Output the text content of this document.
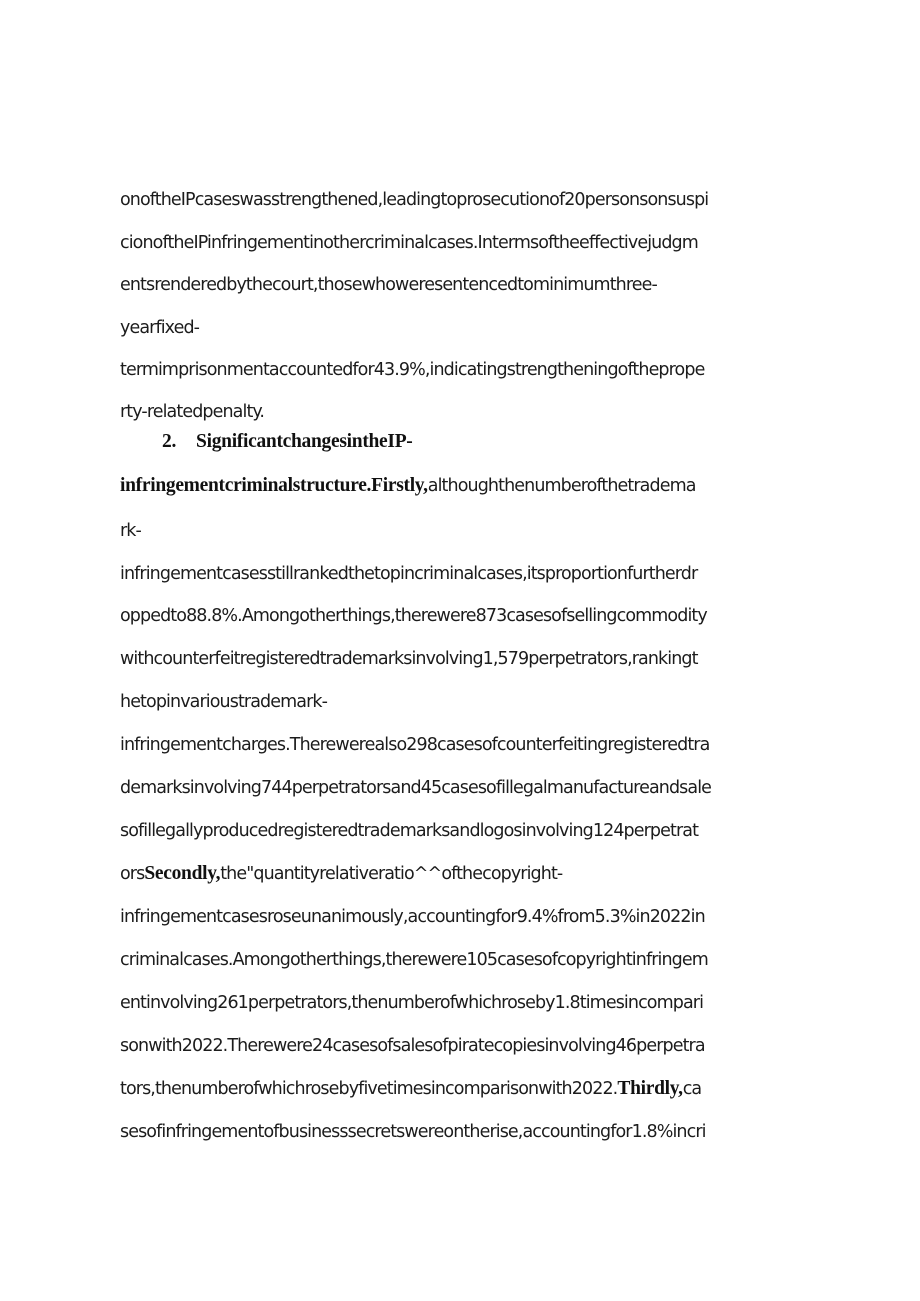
onoftheIPcaseswasstrengthened,leadingtoprosecutionof20personsonsuspi
cionoftheIPinfringementinothercriminalcases.Intermsoftheeffectivejudgm
entsrenderedbythecourt,thosewhoweresentencedtominimumthree-
yearfixed-
termimprisonmentaccountedfor43.9%,indicatingstrengtheningoftheprope
rty-relatedpenalty.
2. SignificantchangesintheIP-
infringementcriminalstructure.Firstly,althoughthenumberofthetradema
rk-
infringementcasesstillrankedthetopincriminalcases,itsproportionfurtherdr
oppedto88.8%.Amongotherthings,therewere873casesofsellingcommodity
withcounterfeitregisteredtrademarksinvolving1,579perpetrators,rankingt
hetopinvarioustrademark-
infringementcharges.Therewerealso298casesofcounterfeitingregisteredtra
demarksinvolving744perpetratorsand45casesofillegalmanufactureandsale
sofillegallyproducedregisteredtrademarksandlogosinvolving124perpetrat
orsSecondly,the"quantityrelativeratio^^ofthecopyright-
infringementcasesroseunanimously,accountingfor9.4%from5.3%in2022in
criminalcases.Amongotherthings,therewere105casesofcopyrightinfringem
entinvolving261perpetrators,thenumberofwhichroseby1.8timesincompari
sonwith2022.Therewere24casesofsalesofpiratecopiesinvolving46perpetra
tors,thenumberofwhichrosebyfivetimesincomparisonwith2022.Thirdly,ca
sesofinfringementofbusinesssecretswereontherise,accountingfor1.8%incri
